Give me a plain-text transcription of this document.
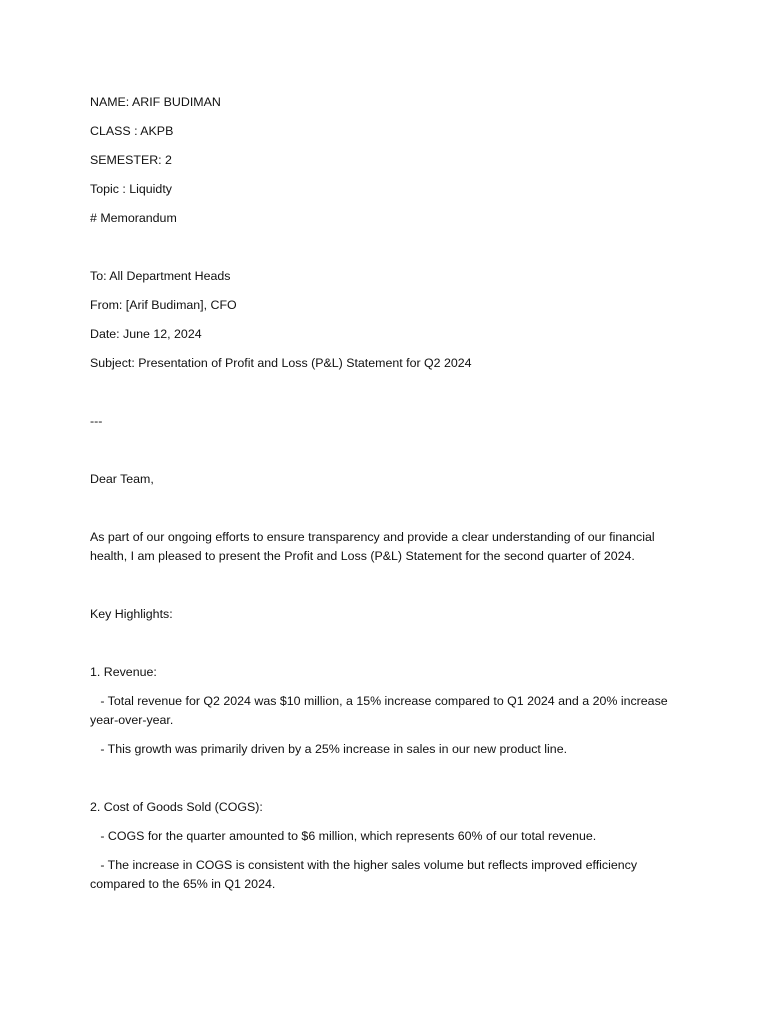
NAME: ARIF BUDIMAN

CLASS : AKPB

SEMESTER: 2

Topic : Liquidty

# Memorandum

To: All Department Heads

From: [Arif Budiman], CFO

Date: June 12, 2024

Subject: Presentation of Profit and Loss (P&L) Statement for Q2 2024

---

Dear Team,

As part of our ongoing efforts to ensure transparency and provide a clear understanding of our financial health, I am pleased to present the Profit and Loss (P&L) Statement for the second quarter of 2024.

Key Highlights:

1. Revenue:

- Total revenue for Q2 2024 was $10 million, a 15% increase compared to Q1 2024 and a 20% increase year-over-year.

- This growth was primarily driven by a 25% increase in sales in our new product line.

2. Cost of Goods Sold (COGS):

- COGS for the quarter amounted to $6 million, which represents 60% of our total revenue.

- The increase in COGS is consistent with the higher sales volume but reflects improved efficiency compared to the 65% in Q1 2024.
